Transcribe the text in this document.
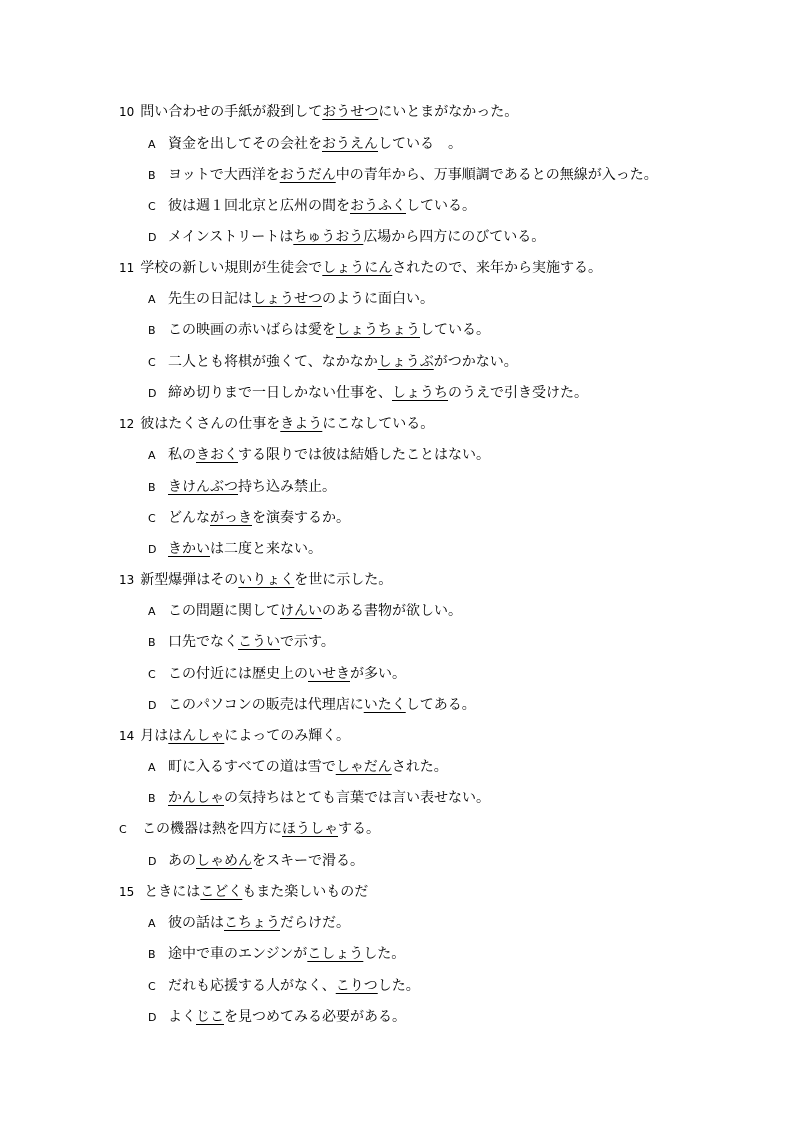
10 問い合わせの手紙が殺到しておうせつにいとまがなかった。
A 資金を出してその会社をおうえんしている　。
B ヨットで大西洋をおうだん中の青年から、万事順調であるとの無線が入った。
C 彼は週１回北京と広州の間をおうふくしている。
D メインストリートはちゅうおう広場から四方にのびている。
11 学校の新しい規則が生徒会でしょうにんされたので、来年から実施する。
A 先生の日記はしょうせつのように面白い。
B この映画の赤いばらは愛をしょうちょうしている。
C 二人とも将棋が強くて、なかなかしょうぶがつかない。
D 締め切りまで一日しかない仕事を、しょうちのうえで引き受けた。
12 彼はたくさんの仕事をきようにこなしている。
A 私のきおくする限りでは彼は結婚したことはない。
B きけんぶつ持ち込み禁止。
C どんながっきを演奏するか。
D きかいは二度と来ない。
13 新型爆弾はそのいりょくを世に示した。
A この問題に関してけんいのある書物が欲しい。
B 口先でなくこういで示す。
C この付近には歴史上のいせきが多い。
D このパソコンの販売は代理店にいたくしてある。
14 月ははんしゃによってのみ輝く。
A 町に入るすべての道は雪でしゃだんされた。
B かんしゃの気持ちはとても言葉では言い表せない。
C この機器は熱を四方にほうしゃする。
D あのしゃめんをスキーで滑る。
15 ときにはこどくもまた楽しいものだ
A 彼の話はこちょうだらけだ。
B 途中で車のエンジンがこしょうした。
C だれも応援する人がなく、こりつした。
D よくじこを見つめてみる必要がある。
